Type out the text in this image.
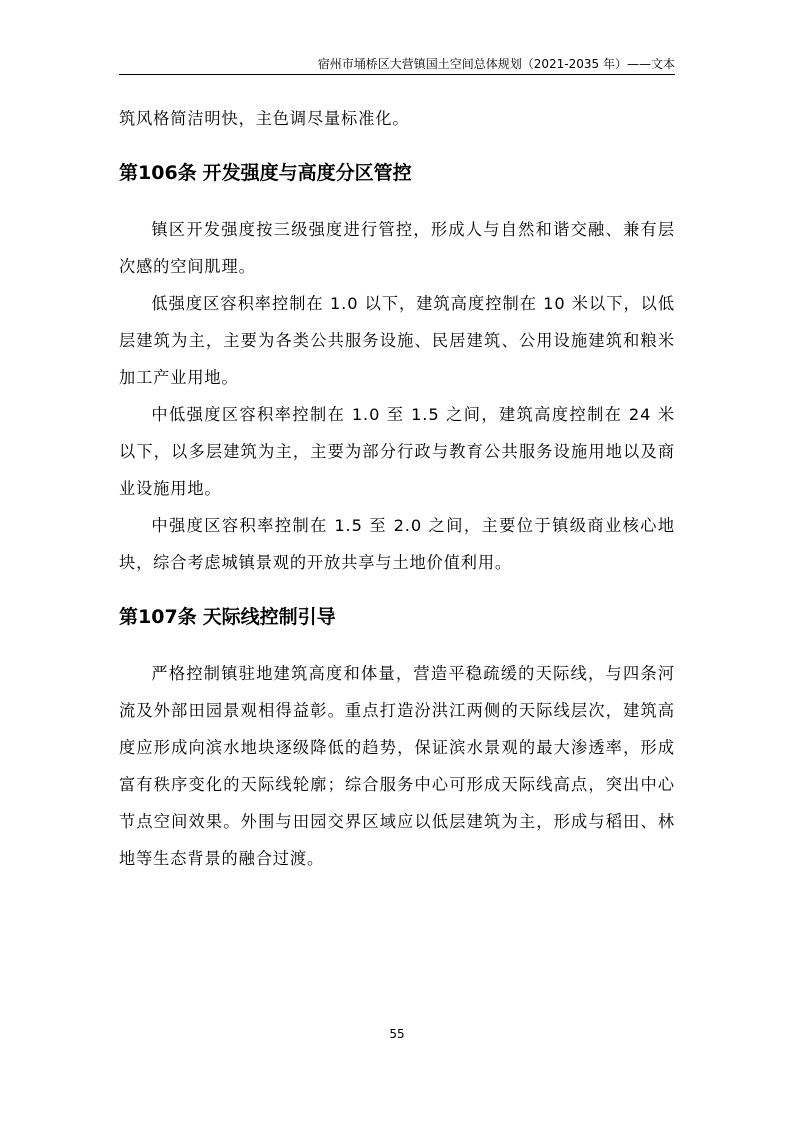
宿州市埇桥区大营镇国土空间总体规划（2021-2035 年）——文本

筑风格简洁明快，主色调尽量标准化。

第106条 开发强度与高度分区管控

镇区开发强度按三级强度进行管控，形成人与自然和谐交融、兼有层次感的空间肌理。

低强度区容积率控制在 1.0 以下，建筑高度控制在 10 米以下，以低层建筑为主，主要为各类公共服务设施、民居建筑、公用设施建筑和粮米加工产业用地。

中低强度区容积率控制在 1.0 至 1.5 之间，建筑高度控制在 24 米以下，以多层建筑为主，主要为部分行政与教育公共服务设施用地以及商业设施用地。

中强度区容积率控制在 1.5 至 2.0 之间，主要位于镇级商业核心地块，综合考虑城镇景观的开放共享与土地价值利用。

第107条 天际线控制引导

严格控制镇驻地建筑高度和体量，营造平稳疏缓的天际线，与四条河流及外部田园景观相得益彰。重点打造汾洪江两侧的天际线层次，建筑高度应形成向滨水地块逐级降低的趋势，保证滨水景观的最大渗透率，形成富有秩序变化的天际线轮廓；综合服务中心可形成天际线高点，突出中心节点空间效果。外围与田园交界区域应以低层建筑为主，形成与稻田、林地等生态背景的融合过渡。

55
